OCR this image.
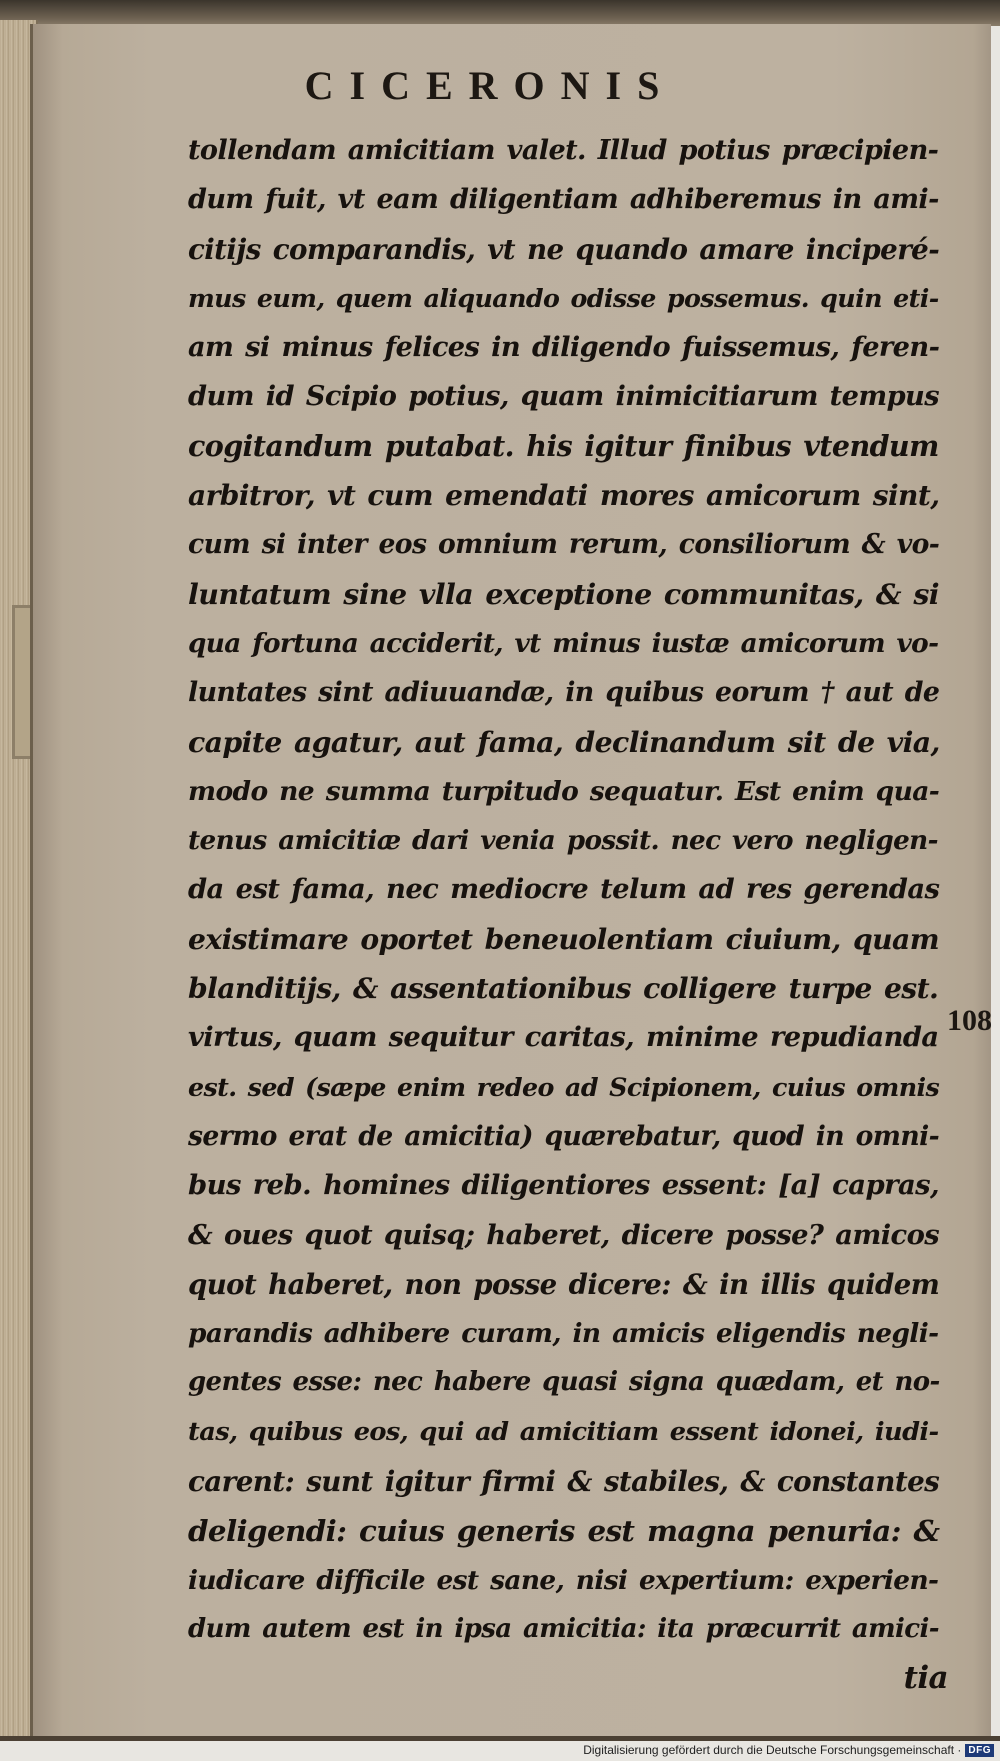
CICERONIS
tollendam amicitiam valet. Illud potius præcipien-
dum fuit, vt eam diligentiam adhiberemus in ami-
citijs comparandis, vt ne quando amare inciperé-
mus eum, quem aliquando odisse possemus. quin eti-
am si minus felices in diligendo fuissemus, feren-
dum id Scipio potius, quam inimicitiarum tempus
cogitandum putabat. his igitur finibus vtendum
arbitror, vt cum emendati mores amicorum sint,
cum si inter eos omnium rerum, consiliorum & vo-
luntatum sine vlla exceptione communitas, & si
qua fortuna acciderit, vt minus iustæ amicorum vo-
luntates sint adiuuandæ, in quibus eorum † aut de
capite agatur, aut fama, declinandum sit de via,
modo ne summa turpitudo sequatur. Est enim qua-
tenus amicitiæ dari venia possit. nec vero negligen-
da est fama, nec mediocre telum ad res gerendas
existimare oportet beneuolentiam ciuium, quam
blanditijs, & assentationibus colligere turpe est.
virtus, quam sequitur caritas, minime repudianda
est. sed (sæpe enim redeo ad Scipionem, cuius omnis
sermo erat de amicitia) quærebatur, quod in omni-
bus reb. homines diligentiores essent: [a] capras,
& oues quot quisq; haberet, dicere posse? amicos
quot haberet, non posse dicere: & in illis quidem
parandis adhibere curam, in amicis eligendis negli-
gentes esse: nec habere quasi signa quædam, et no-
tas, quibus eos, qui ad amicitiam essent idonei, iudi-
carent: sunt igitur firmi & stabiles, & constantes
deligendi: cuius generis est magna penuria: &
iudicare difficile est sane, nisi expertium: experien-
dum autem est in ipsa amicitia: ita præcurrit amici-
tia
108
Digitalisierung gefördert durch die Deutsche Forschungsgemeinschaft · DFG
